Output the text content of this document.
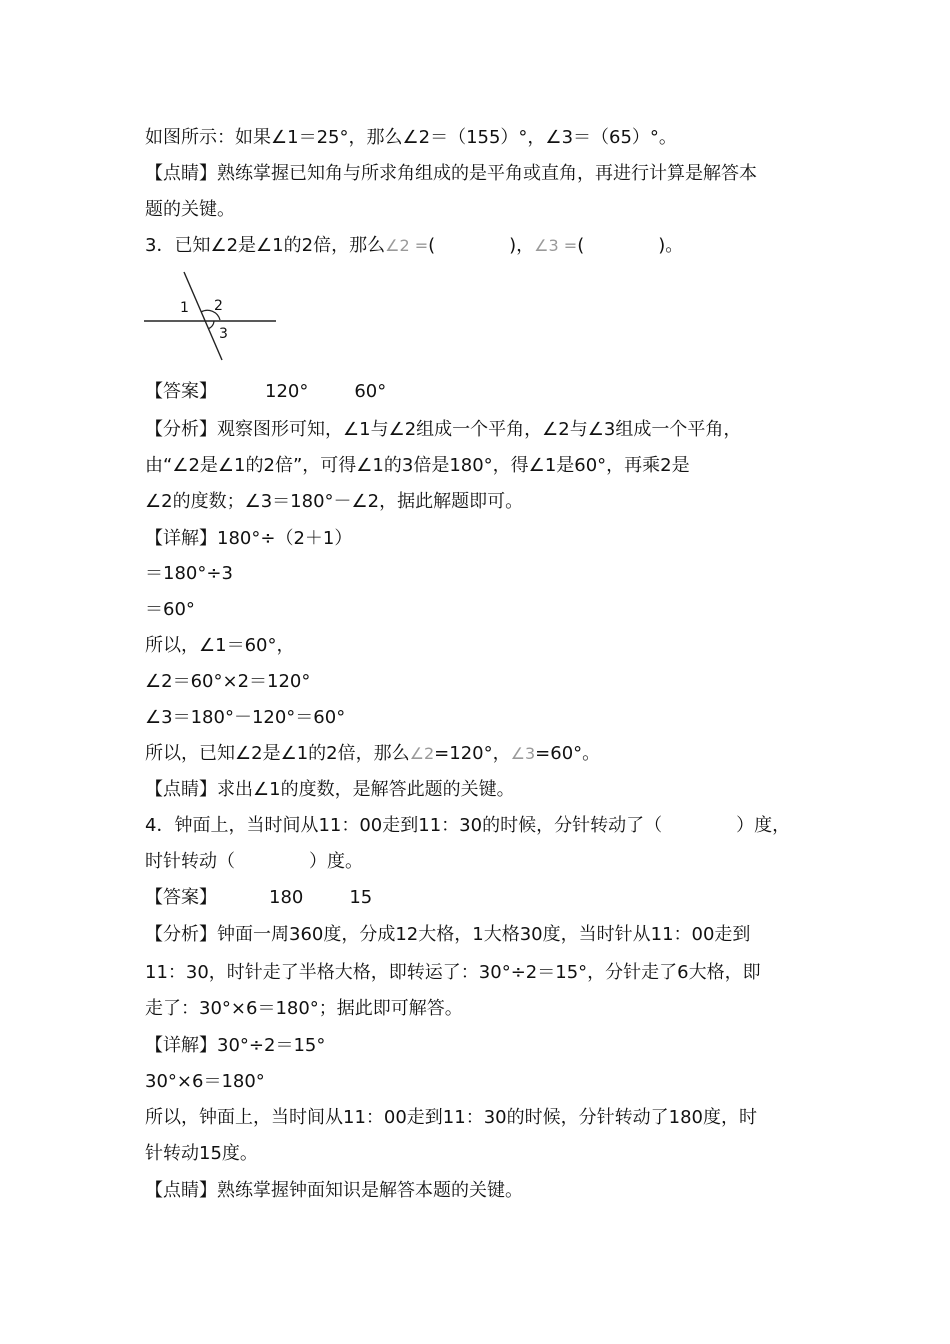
如图所示：如果∠1＝25°，那么∠2＝（155）°，∠3＝（65）°。
【点睛】熟练掌握已知角与所求角组成的是平角或直角，再进行计算是解答本
题的关键。
3．已知∠2是∠1的2倍，那么∠2 =(	)，∠3 =(	)。
1 2
3
【答案】	120°	60°
【分析】观察图形可知，∠1与∠2组成一个平角，∠2与∠3组成一个平角，
由“∠2是∠1的2倍”，可得∠1的3倍是180°，得∠1是60°，再乘2是
∠2的度数；∠3＝180°－∠2，据此解题即可。
【详解】180°÷（2＋1）
＝180°÷3
＝60°
所以，∠1＝60°，
∠2＝60°×2＝120°
∠3＝180°－120°＝60°
所以，已知∠2是∠1的2倍，那么∠2=120°，∠3=60°。
【点睛】求出∠1的度数，是解答此题的关键。
4．钟面上，当时间从11：00走到11：30的时候，分针转动了（	）度，
时针转动（	）度。
【答案】	180	15
【分析】钟面一周360度，分成12大格，1大格30度，当时针从11：00走到
11：30，时针走了半格大格，即转运了：30°÷2＝15°，分针走了6大格，即
走了：30°×6＝180°；据此即可解答。
【详解】30°÷2＝15°
30°×6＝180°
所以，钟面上，当时间从11：00走到11：30的时候，分针转动了180度，时
针转动15度。
【点睛】熟练掌握钟面知识是解答本题的关键。
